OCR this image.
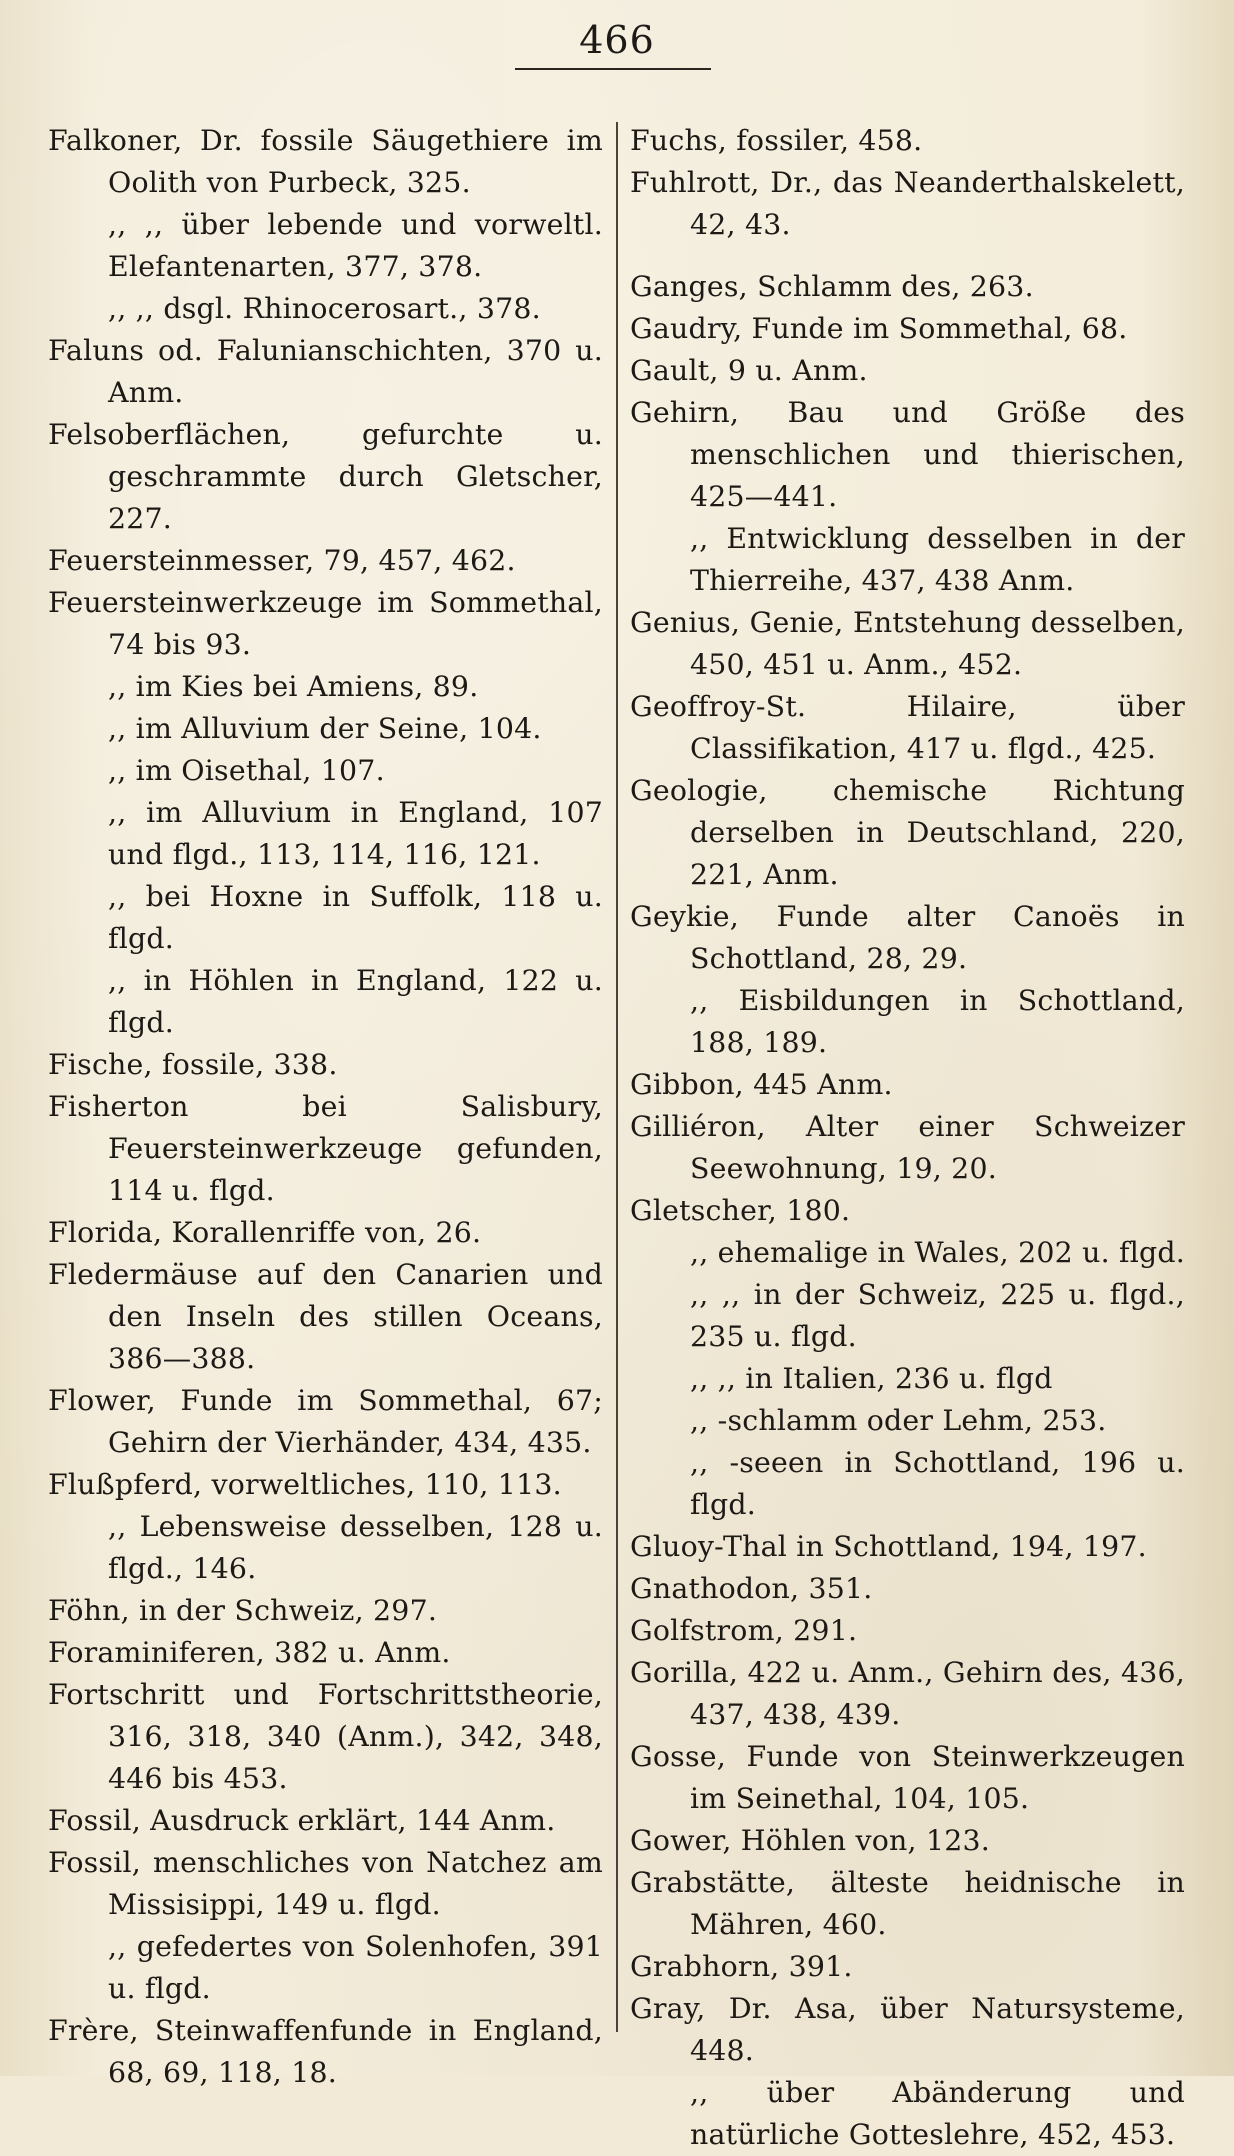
466

Falkoner, Dr. fossile Säugethiere im Oolith von Purbeck, 325.

,, ,, über lebende und vorweltl. Elefantenarten, 377, 378.

,, ,, dsgl. Rhinocerosart., 378.

Faluns od. Falunianschichten, 370 u. Anm.

Felsoberflächen, gefurchte u. geschrammte durch Gletscher, 227.

Feuersteinmesser, 79, 457, 462.

Feuersteinwerkzeuge im Sommethal, 74 bis 93.

,, im Kies bei Amiens, 89.

,, im Alluvium der Seine, 104.

,, im Oisethal, 107.

,, im Alluvium in England, 107 und flgd., 113, 114, 116, 121.

,, bei Hoxne in Suffolk, 118 u. flgd.

,, in Höhlen in England, 122 u. flgd.

Fische, fossile, 338.

Fisherton bei Salisbury, Feuersteinwerkzeuge gefunden, 114 u. flgd.

Florida, Korallenriffe von, 26.

Fledermäuse auf den Canarien und den Inseln des stillen Oceans, 386—388.

Flower, Funde im Sommethal, 67; Gehirn der Vierhänder, 434, 435.

Flußpferd, vorweltliches, 110, 113.

,, Lebensweise desselben, 128 u. flgd., 146.

Föhn, in der Schweiz, 297.

Foraminiferen, 382 u. Anm.

Fortschritt und Fortschrittstheorie, 316, 318, 340 (Anm.), 342, 348, 446 bis 453.

Fossil, Ausdruck erklärt, 144 Anm.

Fossil, menschliches von Natchez am Missisippi, 149 u. flgd.

,, gefedertes von Solenhofen, 391 u. flgd.

Frère, Steinwaffenfunde in England, 68, 69, 118, 18.

Fuchs, fossiler, 458.

Fuhlrott, Dr., das Neanderthalskelett, 42, 43.

Ganges, Schlamm des, 263.

Gaudry, Funde im Sommethal, 68.

Gault, 9 u. Anm.

Gehirn, Bau und Größe des menschlichen und thierischen, 425—441.

,, Entwicklung desselben in der Thierreihe, 437, 438 Anm.

Genius, Genie, Entstehung desselben, 450, 451 u. Anm., 452.

Geoffroy-St. Hilaire, über Classifikation, 417 u. flgd., 425.

Geologie, chemische Richtung derselben in Deutschland, 220, 221, Anm.

Geykie, Funde alter Canoës in Schottland, 28, 29.

,, Eisbildungen in Schottland, 188, 189.

Gibbon, 445 Anm.

Gilliéron, Alter einer Schweizer Seewohnung, 19, 20.

Gletscher, 180.

,, ehemalige in Wales, 202 u. flgd.

,, ,, in der Schweiz, 225 u. flgd., 235 u. flgd.

,, ,, in Italien, 236 u. flgd

,, -schlamm oder Lehm, 253.

,, -seeen in Schottland, 196 u. flgd.

Gluoy-Thal in Schottland, 194, 197.

Gnathodon, 351.

Golfstrom, 291.

Gorilla, 422 u. Anm., Gehirn des, 436, 437, 438, 439.

Gosse, Funde von Steinwerkzeugen im Seinethal, 104, 105.

Gower, Höhlen von, 123.

Grabstätte, älteste heidnische in Mähren, 460.

Grabhorn, 391.

Gray, Dr. Asa, über Natursysteme, 448.

,, über Abänderung und natürliche Gotteslehre, 452, 453.
